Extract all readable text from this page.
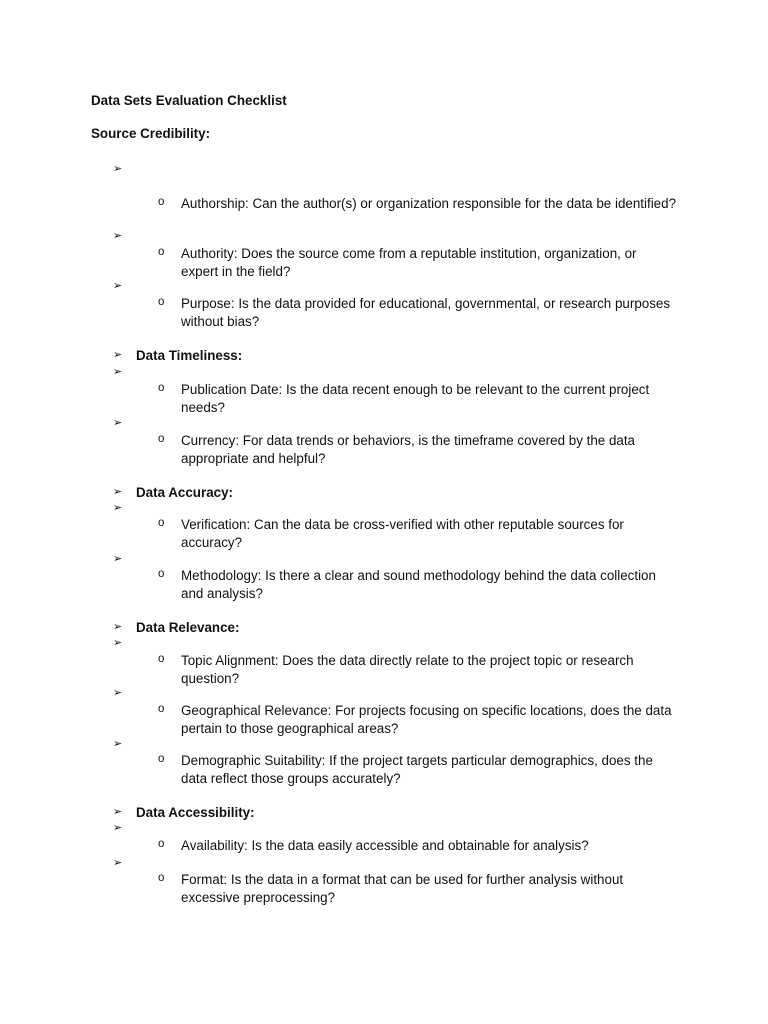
Data Sets Evaluation Checklist
Source Credibility:
➢
o Authorship: Can the author(s) or organization responsible for the data be identified?
➢
o Authority: Does the source come from a reputable institution, organization, or expert in the field?
➢
o Purpose: Is the data provided for educational, governmental, or research purposes without bias?
➢ Data Timeliness:
➢
o Publication Date: Is the data recent enough to be relevant to the current project needs?
➢
o Currency: For data trends or behaviors, is the timeframe covered by the data appropriate and helpful?
➢ Data Accuracy:
➢
o Verification: Can the data be cross-verified with other reputable sources for accuracy?
➢
o Methodology: Is there a clear and sound methodology behind the data collection and analysis?
➢ Data Relevance:
➢
o Topic Alignment: Does the data directly relate to the project topic or research question?
➢
o Geographical Relevance: For projects focusing on specific locations, does the data pertain to those geographical areas?
➢
o Demographic Suitability: If the project targets particular demographics, does the data reflect those groups accurately?
➢ Data Accessibility:
➢
o Availability: Is the data easily accessible and obtainable for analysis?
➢
o Format: Is the data in a format that can be used for further analysis without excessive preprocessing?
